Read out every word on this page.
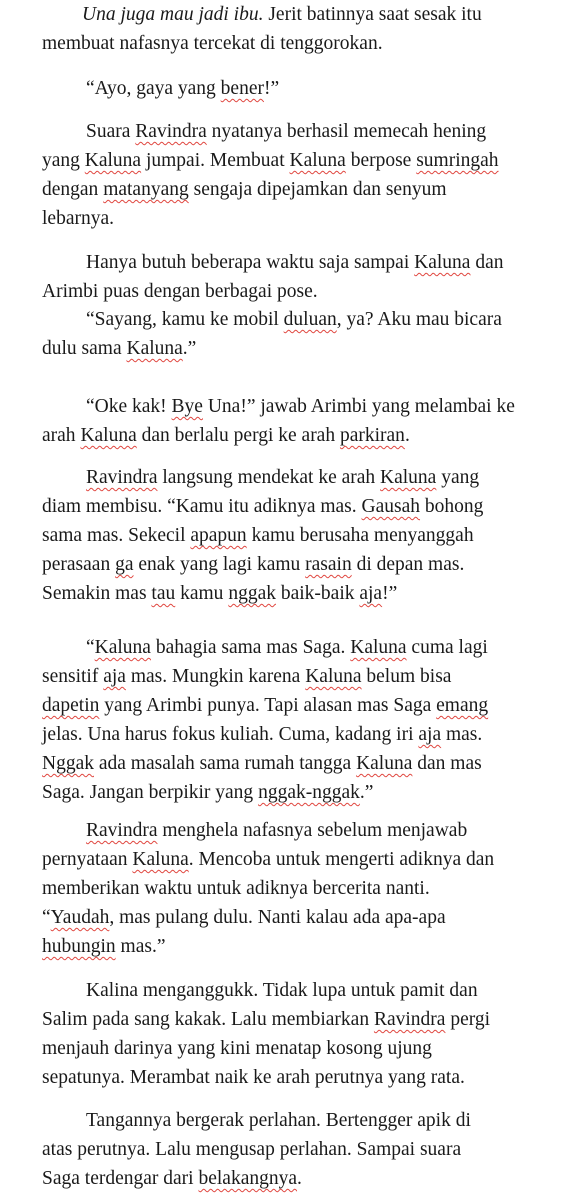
Una juga mau jadi ibu. Jerit batinnya saat sesak itu
membuat nafasnya tercekat di tenggorokan.

“Ayo, gaya yang bener!”

Suara Ravindra nyatanya berhasil memecah hening
yang Kaluna jumpai. Membuat Kaluna berpose sumringah
dengan matanyang sengaja dipejamkan dan senyum
lebarnya.

Hanya butuh beberapa waktu saja sampai Kaluna dan
Arimbi puas dengan berbagai pose.

“Sayang, kamu ke mobil duluan, ya? Aku mau bicara
dulu sama Kaluna.”

“Oke kak! Bye Una!” jawab Arimbi yang melambai ke
arah Kaluna dan berlalu pergi ke arah parkiran.

Ravindra langsung mendekat ke arah Kaluna yang
diam membisu. “Kamu itu adiknya mas. Gausah bohong
sama mas. Sekecil apapun kamu berusaha menyanggah
perasaan ga enak yang lagi kamu rasain di depan mas.
Semakin mas tau kamu nggak baik-baik aja!”

“Kaluna bahagia sama mas Saga. Kaluna cuma lagi
sensitif aja mas. Mungkin karena Kaluna belum bisa
dapetin yang Arimbi punya. Tapi alasan mas Saga emang
jelas. Una harus fokus kuliah. Cuma, kadang iri aja mas.
Nggak ada masalah sama rumah tangga Kaluna dan mas
Saga. Jangan berpikir yang nggak-nggak.”

Ravindra menghela nafasnya sebelum menjawab
pernyataan Kaluna. Mencoba untuk mengerti adiknya dan
memberikan waktu untuk adiknya bercerita nanti.
“Yaudah, mas pulang dulu. Nanti kalau ada apa-apa
hubungin mas.”

Kalina menganggukk. Tidak lupa untuk pamit dan
Salim pada sang kakak. Lalu membiarkan Ravindra pergi
menjauh darinya yang kini menatap kosong ujung
sepatunya. Merambat naik ke arah perutnya yang rata.

Tangannya bergerak perlahan. Bertengger apik di
atas perutnya. Lalu mengusap perlahan. Sampai suara
Saga terdengar dari belakangnya.
